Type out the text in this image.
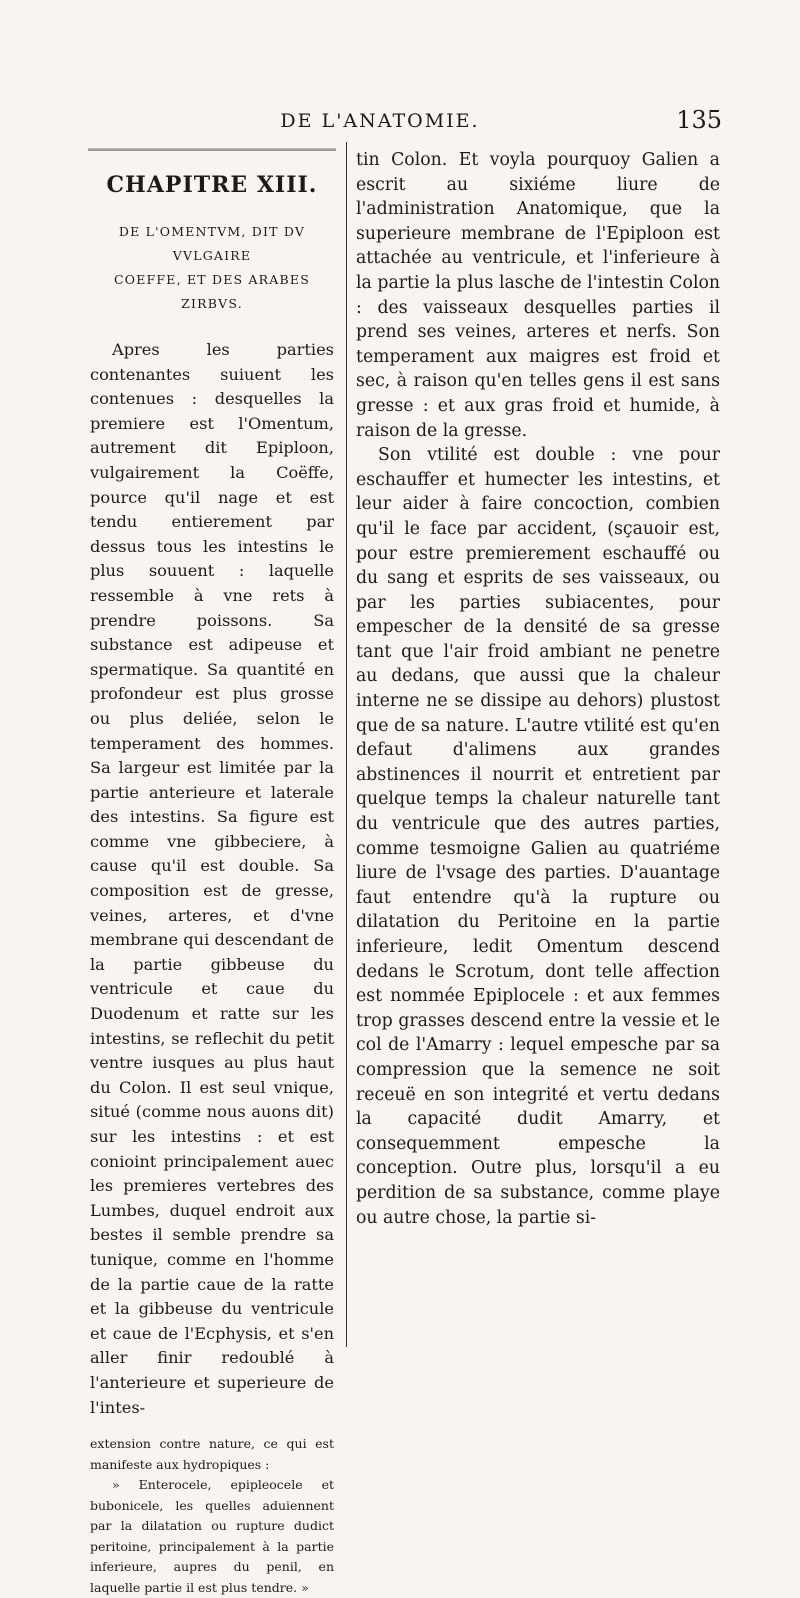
DE L'ANATOMIE.	135
CHAPITRE XIII.
DE L'OMENTVM, DIT DV VVLGAIRE
COEFFE, ET DES ARABES ZIRBVS.

Apres les parties contenantes suiuent les contenues : desquelles la premiere est l'Omentum, autrement dit Epiploon, vulgairement la Coëffe, pource qu'il nage et est tendu entierement par dessus tous les intestins le plus souuent : laquelle ressemble à vne rets à prendre poissons. Sa substance est adipeuse et spermatique. Sa quantité en profondeur est plus grosse ou plus deliée, selon le temperament des hommes. Sa largeur est limitée par la partie anterieure et laterale des intestins. Sa figure est comme vne gibbeciere, à cause qu'il est double. Sa composition est de gresse, veines, arteres, et d'vne membrane qui descendant de la partie gibbeuse du ventricule et caue du Duodenum et ratte sur les intestins, se reflechit du petit ventre iusques au plus haut du Colon. Il est seul vnique, situé (comme nous auons dit) sur les intestins : et est conioint principalement auec les premieres vertebres des Lumbes, duquel endroit aux bestes il semble prendre sa tunique, comme en l'homme de la partie caue de la ratte et la gibbeuse du ventricule et caue de l'Ecphysis, et s'en aller finir redoublé à l'anterieure et superieure de l'intes-

extension contre nature, ce qui est manifeste aux hydropiques :

» Enterocele, epipleocele et bubonicele, les quelles aduiennent par la dilatation ou rupture dudict peritoine, principalement à la partie inferieure, aupres du penil, en laquelle partie il est plus tendre. »

tin Colon. Et voyla pourquoy Galien a escrit au sixiéme liure de l'administration Anatomique, que la superieure membrane de l'Epiploon est attachée au ventricule, et l'inferieure à la partie la plus lasche de l'intestin Colon : des vaisseaux desquelles parties il prend ses veines, arteres et nerfs. Son temperament aux maigres est froid et sec, à raison qu'en telles gens il est sans gresse : et aux gras froid et humide, à raison de la gresse.

Son vtilité est double : vne pour eschauffer et humecter les intestins, et leur aider à faire concoction, combien qu'il le face par accident, (sçauoir est, pour estre premierement eschauffé ou du sang et esprits de ses vaisseaux, ou par les parties subiacentes, pour empescher de la densité de sa gresse tant que l'air froid ambiant ne penetre au dedans, que aussi que la chaleur interne ne se dissipe au dehors) plustost que de sa nature. L'autre vtilité est qu'en defaut d'alimens aux grandes abstinences il nourrit et entretient par quelque temps la chaleur naturelle tant du ventricule que des autres parties, comme tesmoigne Galien au quatriéme liure de l'vsage des parties. D'auantage faut entendre qu'à la rupture ou dilatation du Peritoine en la partie inferieure, ledit Omentum descend dedans le Scrotum, dont telle affection est nommée Epiplocele : et aux femmes trop grasses descend entre la vessie et le col de l'Amarry : lequel empesche par sa compression que la semence ne soit receuë en son integrité et vertu dedans la capacité dudit Amarry, et consequemment empesche la conception. Outre plus, lorsqu'il a eu perdition de sa substance, comme playe ou autre chose, la partie si-
